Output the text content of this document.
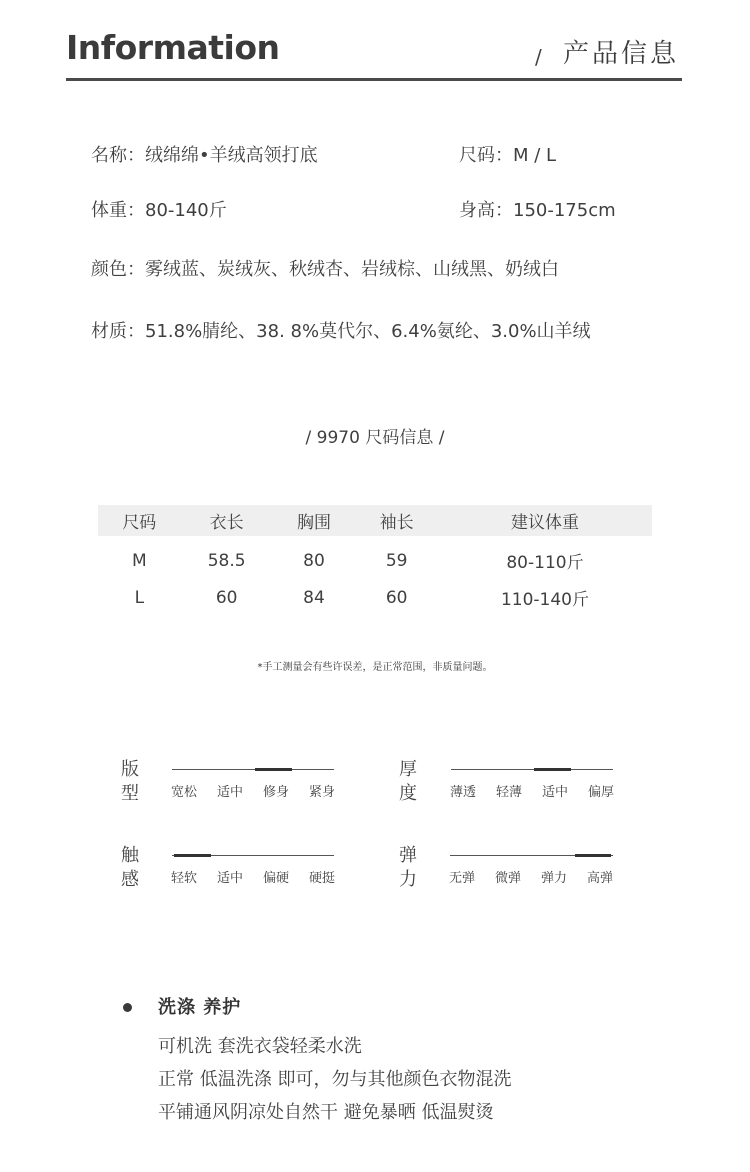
Information	/ 产品信息
名称：绒绵绵•羊绒高领打底	尺码：M / L
体重：80-140斤	身高：150-175cm
颜色：雾绒蓝、炭绒灰、秋绒杏、岩绒棕、山绒黑、奶绒白
材质：51.8%腈纶、38. 8%莫代尔、6.4%氨纶、3.0%山羊绒
/ 9970 尺码信息 /
尺码	衣长	胸围	袖长	建议体重
M	58.5	80	59	80-110斤
L	60	84	60	110-140斤
*手工测量会有些许误差，是正常范围，非质量问题。
版型	宽松	适中	修身	紧身
厚度	薄透	轻薄	适中	偏厚
触感	轻软	适中	偏硬	硬挺
弹力	无弹	微弹	弹力	高弹
洗涤 养护
可机洗 套洗衣袋轻柔水洗
正常 低温洗涤 即可，勿与其他颜色衣物混洗
平铺通风阴凉处自然干 避免暴晒 低温熨烫
